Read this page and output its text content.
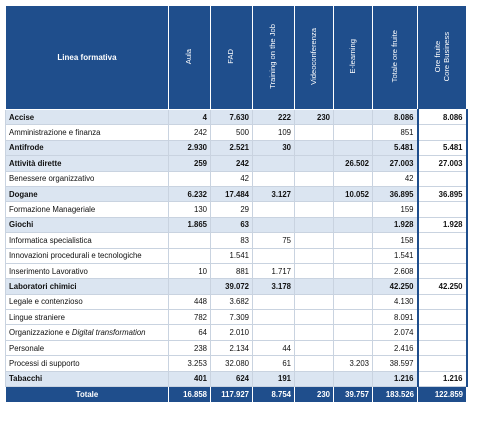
Linea formativa	Aula	FAD	Training on the Job	Videoconferenza	E-learning	Totale ore fruite	Ore fruite
Core Business
Accise	4	7.630	222	230		8.086	8.086
Amministrazione e finanza	242	500	109			851	
Antifrode	2.930	2.521	30			5.481	5.481
Attività dirette	259	242			26.502	27.003	27.003
Benessere organizzativo		42				42	
Dogane	6.232	17.484	3.127		10.052	36.895	36.895
Formazione Manageriale	130	29				159	
Giochi	1.865	63				1.928	1.928
Informatica specialistica		83	75			158	
Innovazioni procedurali e tecnologiche		1.541				1.541	
Inserimento Lavorativo	10	881	1.717			2.608	
Laboratori chimici		39.072	3.178			42.250	42.250
Legale e contenzioso	448	3.682				4.130	
Lingue straniere	782	7.309				8.091	
Organizzazione e Digital transformation	64	2.010				2.074	
Personale	238	2.134	44			2.416	
Processi di supporto	3.253	32.080	61		3.203	38.597	
Tabacchi	401	624	191			1.216	1.216
Totale	16.858	117.927	8.754	230	39.757	183.526	122.859
